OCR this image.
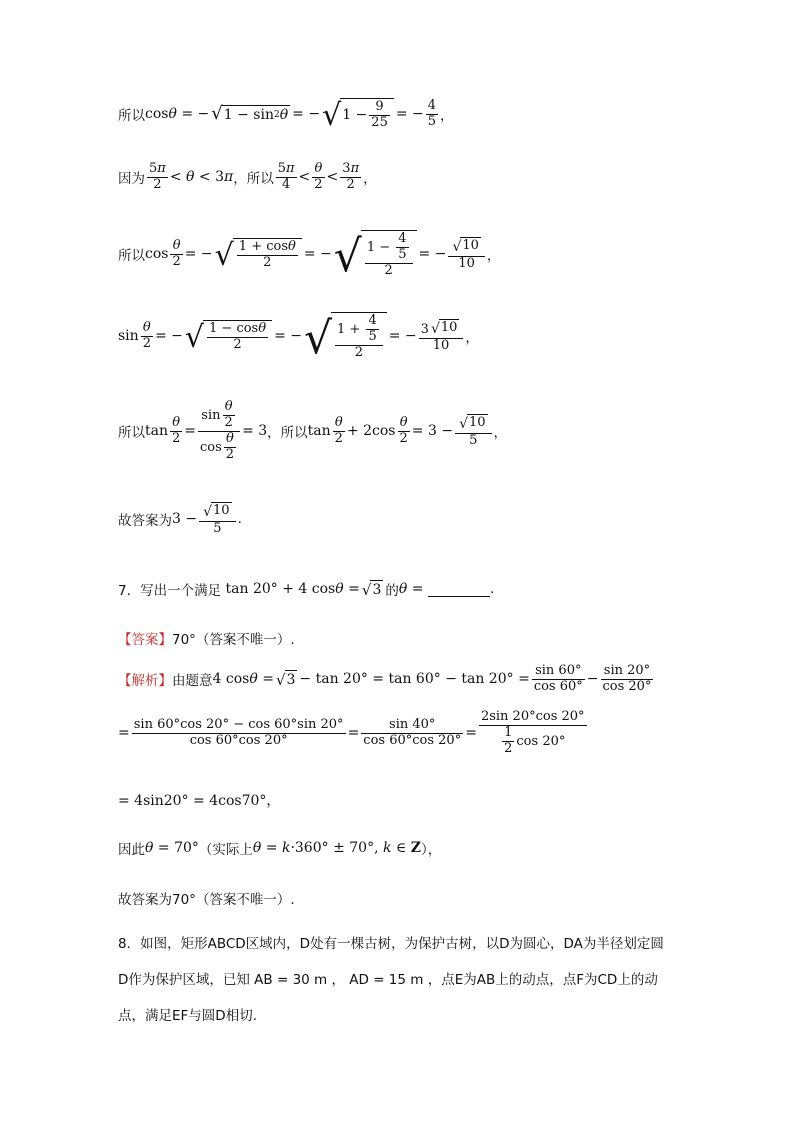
所以 cosθ = − √ 1 − sin 2 θ = − √ $1 - \frac{9}{25}$ = − $\frac{4}{5}$ ，
因为 $\frac{5\pi}{2} < \theta < 3\pi$ ，所以 $\frac{5\pi}{4} < \frac{\theta}{2} < \frac{3\pi}{2}$ ，
所以 $\cos \frac{\theta}{2}$ = − √ $\frac{1 + \cos\theta}{2}$ = − √ $\frac{1 - \frac{4}{5}}{2}$ = − $\frac{√ 10}{10}$ ，
$\sin \frac{\theta}{2}$ = − √ $\frac{1 - \cos\theta}{2}$ = − √ $\frac{1 + \frac{4}{5}}{2}$ = − $\frac{3 √ 10}{10}$ ，
所以 $\tan \frac{\theta}{2} = \frac{\sin \frac{\theta}{2}}{\cos \frac{\theta}{2}} = 3$ ，所以 $\tan \frac{\theta}{2} + 2\cos \frac{\theta}{2} = 3 - \frac{√ 10}{5}$ ，
故答案为 $3 - \frac{√ 10}{5}$ .
7．写出一个满足 tan 20° + 4 cosθ = √ 3 的 θ =	.
【答案】 70°（答案不唯一）.
【解析】 由题意 4 cosθ = √ $3 - \tan 20^\circ = \tan 60^\circ - \tan 20^\circ = \frac{\sin 60^\circ}{\cos 60^\circ} - \frac{\sin 20^\circ}{\cos 20^\circ}$
= $\frac{\sin 60^\circ\cos 20^\circ - \cos 60^\circ\sin 20^\circ}{\cos 60^\circ\cos 20^\circ} = \frac{\sin 40^\circ}{\cos 60^\circ\cos 20^\circ} = \frac{2\sin 20^\circ\cos 20^\circ}{\frac{1}{2} \cos 20^\circ}$
= 4sin20° = 4cos70°，
因此 θ = 70° （实际上 θ = k·360° ± 70°, k ∈ Z ），
故答案为70°（答案不唯一）.
8．如图，矩形ABCD区域内，D处有一棵古树，为保护古树，以D为圆心，DA为半径划定圆
D作为保护区域，已知 AB = 30 m ， AD = 15 m ，点E为AB上的动点，点F为CD上的动
点，满足EF与圆D相切.
